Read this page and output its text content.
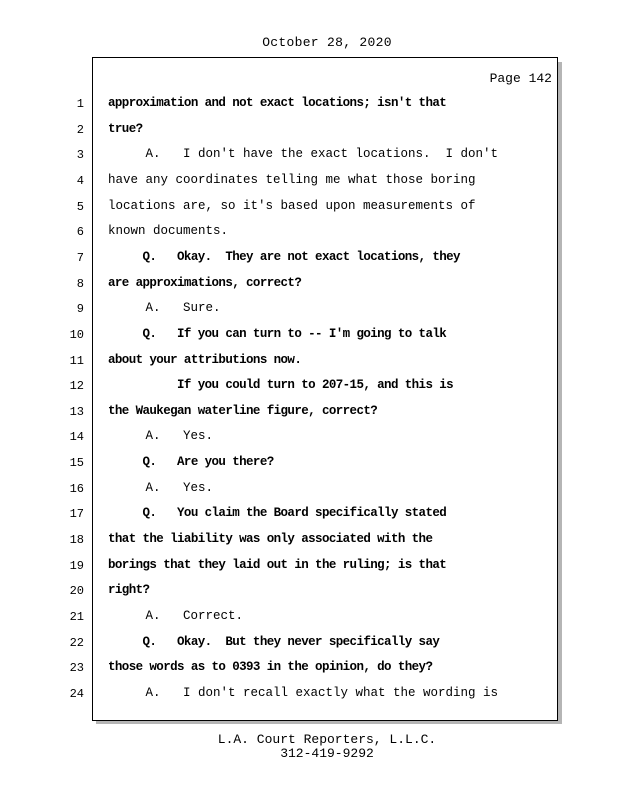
October 28, 2020
Page 142
1 approximation and not exact locations; isn't that
2 true?
3 A.   I don't have the exact locations.  I don't
4 have any coordinates telling me what those boring
5 locations are, so it's based upon measurements of
6 known documents.
7 Q.   Okay.  They are not exact locations, they
8 are approximations, correct?
9 A.   Sure.
10 Q.   If you can turn to -- I'm going to talk
11 about your attributions now.
12 If you could turn to 207-15, and this is
13 the Waukegan waterline figure, correct?
14 A.   Yes.
15 Q.   Are you there?
16 A.   Yes.
17 Q.   You claim the Board specifically stated
18 that the liability was only associated with the
19 borings that they laid out in the ruling; is that
20 right?
21 A.   Correct.
22 Q.   Okay.  But they never specifically say
23 those words as to 0393 in the opinion, do they?
24 A.   I don't recall exactly what the wording is
L.A. Court Reporters, L.L.C.
312-419-9292
